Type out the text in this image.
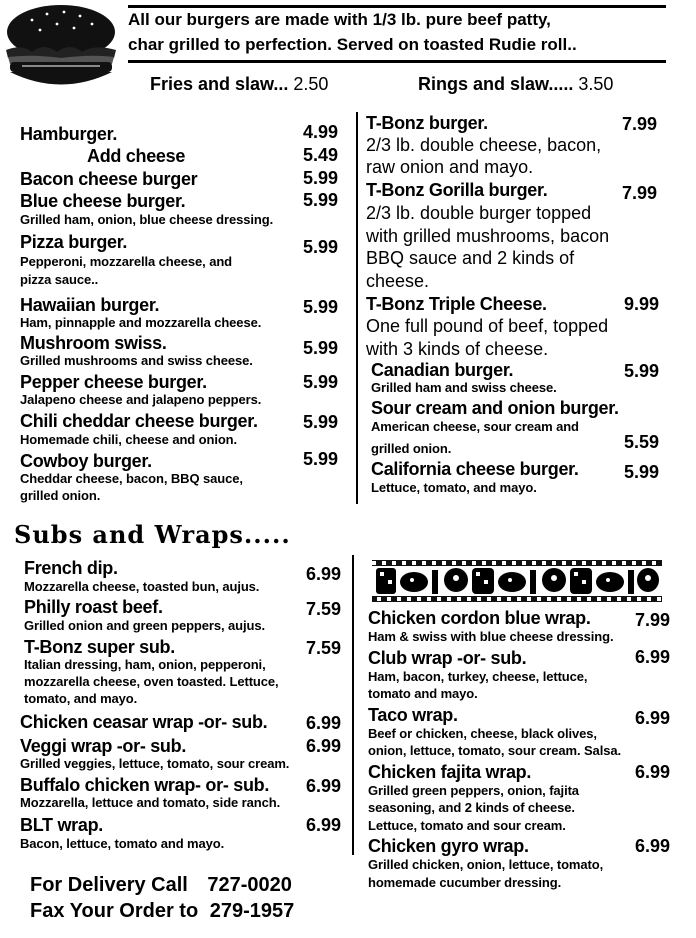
All our burgers are made with 1/3 lb. pure beef patty,
char grilled to perfection. Served on toasted Rudie roll..
Fries and slaw... 2.50	Rings and slaw..... 3.50
Hamburger.	4.99
Add cheese	5.49
Bacon cheese burger	5.99
Blue cheese burger.	5.99
Grilled ham, onion, blue cheese dressing.
Pizza burger.	5.99
Pepperoni, mozzarella cheese, and
pizza sauce..
Hawaiian burger.	5.99
Ham, pinnapple and mozzarella cheese.
Mushroom swiss.	5.99
Grilled mushrooms and swiss cheese.
Pepper cheese burger.	5.99
Jalapeno cheese and jalapeno peppers.
Chili cheddar cheese burger.	5.99
Homemade chili, cheese and onion.
Cowboy burger.	5.99
Cheddar cheese, bacon, BBQ sauce,
grilled onion.
T-Bonz burger.	7.99
2/3 lb. double cheese, bacon,
raw onion and mayo.
T-Bonz Gorilla burger.	7.99
2/3 lb. double burger topped
with grilled mushrooms, bacon
BBQ sauce and 2 kinds of
cheese.
T-Bonz Triple Cheese.	9.99
One full pound of beef, topped
with 3 kinds of cheese.
Canadian burger.	5.99
Grilled ham and swiss cheese.
Sour cream and onion burger.
American cheese, sour cream and
grilled onion.	5.59
California cheese burger.	5.99
Lettuce, tomato, and mayo.
Subs and Wraps.....
French dip.	6.99
Mozzarella cheese, toasted bun, aujus.
Philly roast beef.	7.59
Grilled onion and green peppers, aujus.
T-Bonz super sub.	7.59
Italian dressing, ham, onion, pepperoni,
mozzarella cheese, oven toasted. Lettuce,
tomato, and mayo.
Chicken ceasar wrap -or- sub. 6.99
Veggi wrap -or- sub.	6.99
Grilled veggies, lettuce, tomato, sour cream.
Buffalo chicken wrap- or- sub. 6.99
Mozzarella, lettuce and tomato, side ranch.
BLT wrap.	6.99
Bacon, lettuce, tomato and mayo.
Chicken cordon blue wrap. 7.99
Ham & swiss with blue cheese dressing.
Club wrap -or- sub.	6.99
Ham, bacon, turkey, cheese, lettuce,
tomato and mayo.
Taco wrap.	6.99
Beef or chicken, cheese, black olives,
onion, lettuce, tomato, sour cream. Salsa.
Chicken fajita wrap.	6.99
Grilled green peppers, onion, fajita
seasoning, and 2 kinds of cheese.
Lettuce, tomato and sour cream.
Chicken gyro wrap.	6.99
Grilled chicken, onion, lettuce, tomato,
homemade cucumber dressing.
For Delivery Call 727-0020
Fax Your Order to 279-1957
